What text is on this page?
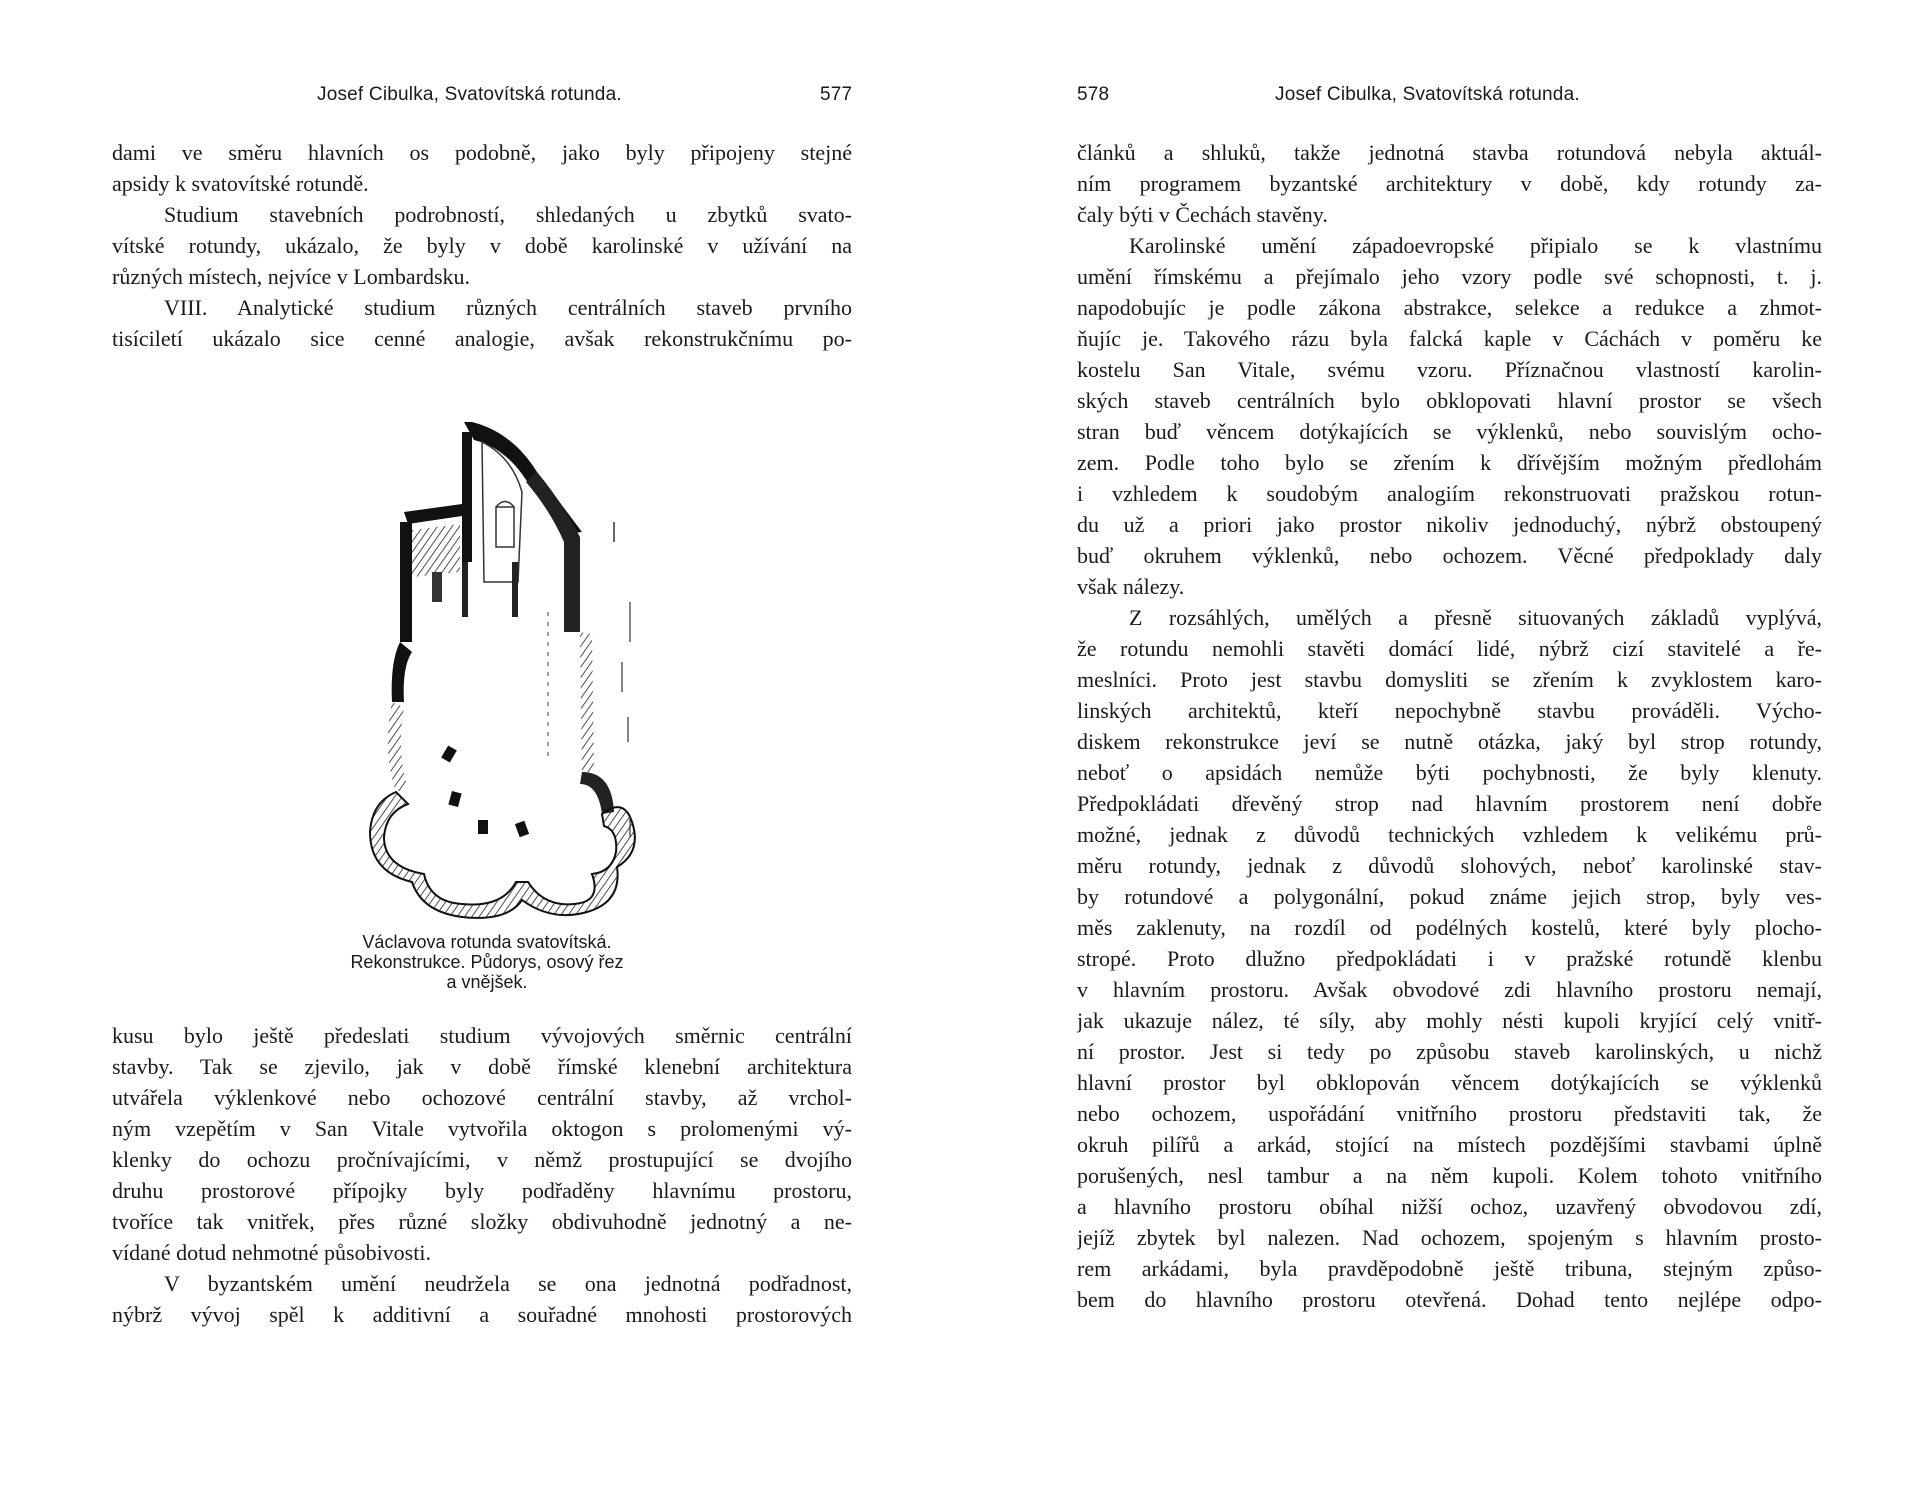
Josef Cibulka, Svatovítská rotunda.	577
dami ve směru hlavních os podobně, jako byly připojeny stejné
apsidy k svatovítské rotundě.
Studium stavebních podrobností, shledaných u zbytků svato-
vítské rotundy, ukázalo, že byly v době karolinské v užívání na
různých místech, nejvíce v Lombardsku.
VIII. Analytické studium různých centrálních staveb prvního
tisíciletí ukázalo sice cenné analogie, avšak rekonstrukčnímu po-
Václavova rotunda svatovítská.
Rekonstrukce. Půdorys, osový řez
a vnějšek.
kusu bylo ještě předeslati studium vývojových směrnic centrální
stavby. Tak se zjevilo, jak v době římské klenební architektura
utvářela výklenkové nebo ochozové centrální stavby, až vrchol-
ným vzepětím v San Vitale vytvořila oktogon s prolomenými vý-
klenky do ochozu pročnívajícími, v němž prostupující se dvojího
druhu prostorové přípojky byly podřaděny hlavnímu prostoru,
tvoříce tak vnitřek, přes různé složky obdivuhodně jednotný a ne-
vídané dotud nehmotné působivosti.
V byzantském umění neudržela se ona jednotná podřadnost,
nýbrž vývoj spěl k additivní a souřadné mnohosti prostorových
578	Josef Cibulka, Svatovítská rotunda.
článků a shluků, takže jednotná stavba rotundová nebyla aktuál-
ním programem byzantské architektury v době, kdy rotundy za-
čaly býti v Čechách stavěny.
Karolinské umění západoevropské připialo se k vlastnímu
umění římskému a přejímalo jeho vzory podle své schopnosti, t. j.
napodobujíc je podle zákona abstrakce, selekce a redukce a zhmot-
ňujíc je. Takového rázu byla falcká kaple v Cáchách v poměru ke
kostelu San Vitale, svému vzoru. Příznačnou vlastností karolin-
ských staveb centrálních bylo obklopovati hlavní prostor se všech
stran buď věncem dotýkajících se výklenků, nebo souvislým ocho-
zem. Podle toho bylo se zřením k dřívějším možným předlohám
i vzhledem k soudobým analogiím rekonstruovati pražskou rotun-
du už a priori jako prostor nikoliv jednoduchý, nýbrž obstoupený
buď okruhem výklenků, nebo ochozem. Věcné předpoklady daly
však nálezy.
Z rozsáhlých, umělých a přesně situovaných základů vyplývá,
že rotundu nemohli stavěti domácí lidé, nýbrž cizí stavitelé a ře-
meslníci. Proto jest stavbu domysliti se zřením k zvyklostem karo-
linských architektů, kteří nepochybně stavbu prováděli. Výcho-
diskem rekonstrukce jeví se nutně otázka, jaký byl strop rotundy,
neboť o apsidách nemůže býti pochybnosti, že byly klenuty.
Předpokládati dřevěný strop nad hlavním prostorem není dobře
možné, jednak z důvodů technických vzhledem k velikému prů-
měru rotundy, jednak z důvodů slohových, neboť karolinské stav-
by rotundové a polygonální, pokud známe jejich strop, byly ves-
měs zaklenuty, na rozdíl od podélných kostelů, které byly plocho-
stropé. Proto dlužno předpokládati i v pražské rotundě klenbu
v hlavním prostoru. Avšak obvodové zdi hlavního prostoru nemají,
jak ukazuje nález, té síly, aby mohly nésti kupoli kryjící celý vnitř-
ní prostor. Jest si tedy po způsobu staveb karolinských, u nichž
hlavní prostor byl obklopován věncem dotýkajících se výklenků
nebo ochozem, uspořádání vnitřního prostoru představiti tak, že
okruh pilířů a arkád, stojící na místech pozdějšími stavbami úplně
porušených, nesl tambur a na něm kupoli. Kolem tohoto vnitřního
a hlavního prostoru obíhal nižší ochoz, uzavřený obvodovou zdí,
jejíž zbytek byl nalezen. Nad ochozem, spojeným s hlavním prosto-
rem arkádami, byla pravděpodobně ještě tribuna, stejným způso-
bem do hlavního prostoru otevřená. Dohad tento nejlépe odpo-
